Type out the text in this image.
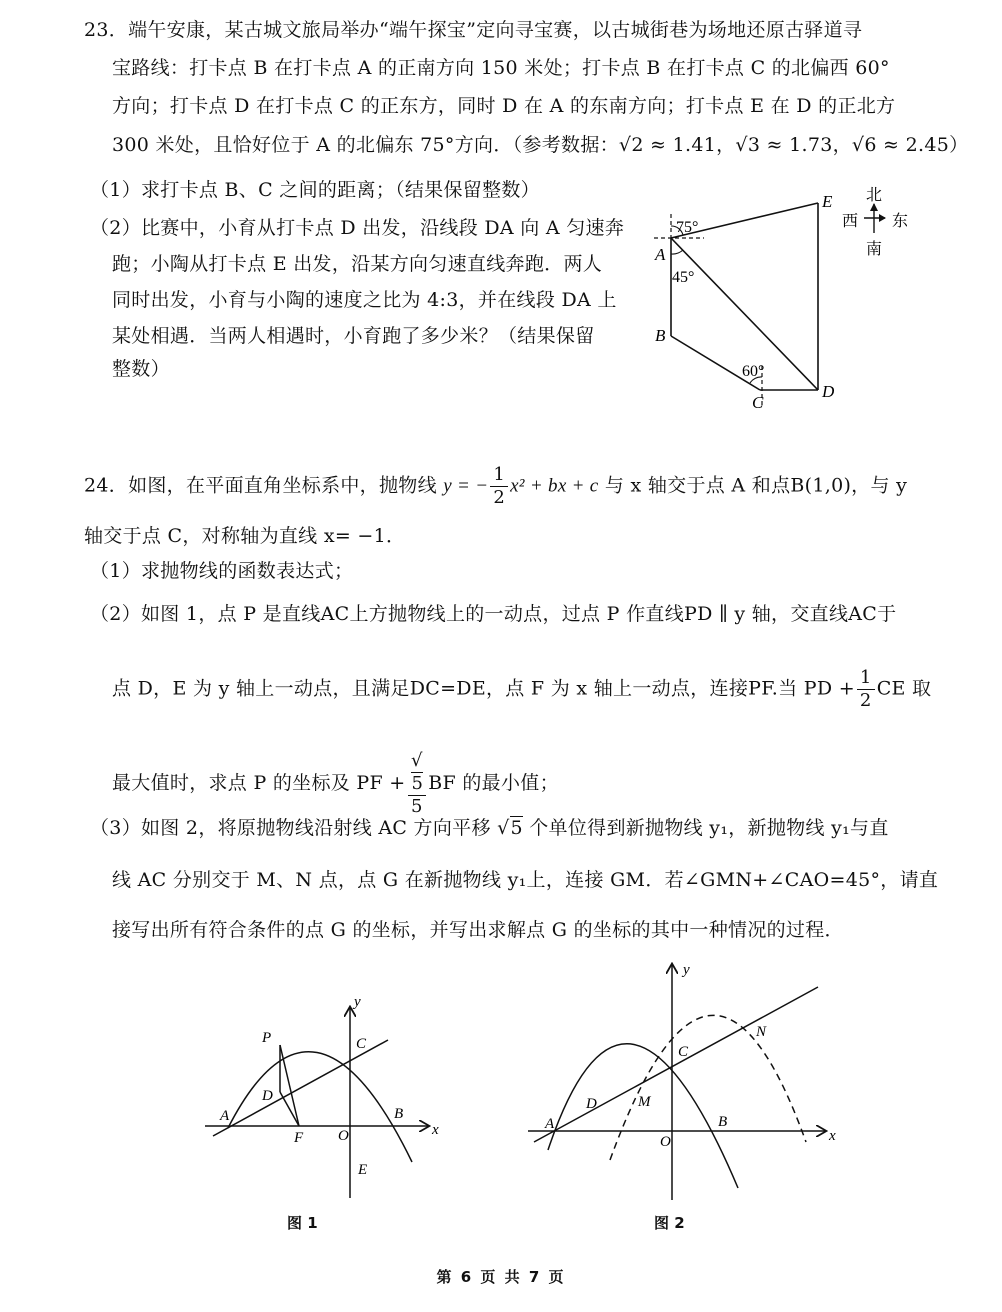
23．端午安康，某古城文旅局举办“端午探宝”定向寻宝赛，以古城街巷为场地还原古驿道寻
宝路线：打卡点 B 在打卡点 A 的正南方向 150 米处；打卡点 B 在打卡点 C 的北偏西 60°
方向；打卡点 D 在打卡点 C 的正东方，同时 D 在 A 的东南方向；打卡点 E 在 D 的正北方
300 米处，且恰好位于 A 的北偏东 75°方向．（参考数据：√2 ≈ 1.41，√3 ≈ 1.73，√6 ≈ 2.45）
（1）求打卡点 B、C 之间的距离；（结果保留整数）
（2）比赛中，小育从打卡点 D 出发，沿线段 DA 向 A 匀速奔
跑；小陶从打卡点 E 出发，沿某方向匀速直线奔跑．两人
同时出发，小育与小陶的速度之比为 4:3，并在线段 DA 上
某处相遇．当两人相遇时，小育跑了多少米？（结果保留
整数）
A
B
C
D
E
75°
45°
60°
北
西 东
南
24．如图，在平面直角坐标系中，抛物线 y = − $\frac{1}{2} x^2$ + bx + c 与 x 轴交于点 A 和点B(1,0)，与 y
轴交于点 C，对称轴为直线 x= −1．
（1）求抛物线的函数表达式；
（2）如图 1，点 P 是直线AC上方抛物线上的一动点，过点 P 作直线PD ∥ y 轴，交直线AC于
点 D，E 为 y 轴上一动点，且满足DC=DE，点 F 为 x 轴上一动点，连接PF.当 PD + $\frac{1}{2}$ CE 取
最大值时，求点 P 的坐标及 PF + √
5
5 BF 的最小值；
（3）如图 2，将原抛物线沿射线 AC 方向平移 √5 个单位得到新抛物线 y₁，新抛物线 y₁与直
线 AC 分别交于 M、N 点，点 G 在新抛物线 y₁上，连接 GM．若∠GMN+∠CAO=45°，请直
接写出所有符合条件的点 G 的坐标，并写出求解点 G 的坐标的其中一种情况的过程．
y
x
P	C
D
A
F O
B
E
图 1
y
x
N
C
D	M
A
O
B
图 2
第 6 页 共 7 页
